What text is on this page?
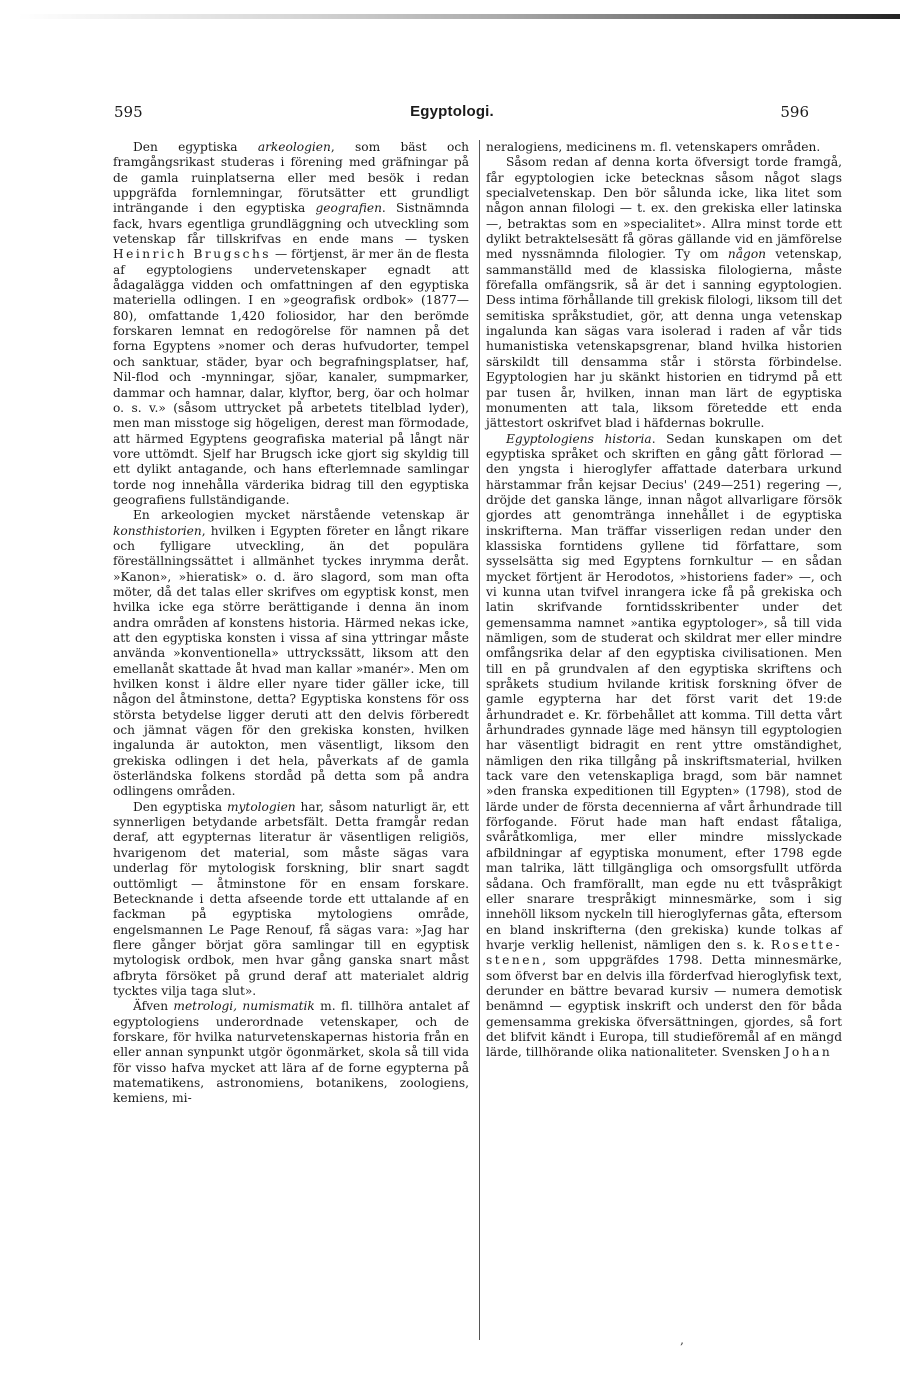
595	Egyptologi.	596

Den egyptiska arkeologien, som bäst och framgångsrikast studeras i förening med gräfningar på de gamla ruinplatserna eller med besök i redan uppgräfda fornlemningar, förutsätter ett grundligt inträngande i den egyptiska geografien. Sistnämnda fack, hvars egentliga grundläggning och utveckling som vetenskap får tillskrifvas en ende mans — tysken Heinrich Brugschs — förtjenst, är mer än de flesta af egyptologiens undervetenskaper egnadt att ådagalägga vidden och omfattningen af den egyptiska materiella odlingen. I en »geografisk ordbok» (1877—80), omfattande 1,420 foliosidor, har den berömde forskaren lemnat en redogörelse för namnen på det forna Egyptens »nomer och deras hufvudorter, tempel och sanktuar, städer, byar och begrafningsplatser, haf, Nil-flod och -mynningar, sjöar, kanaler, sumpmarker, dammar och hamnar, dalar, klyftor, berg, öar och holmar o. s. v.» (såsom uttrycket på arbetets titelblad lyder), men man misstoge sig högeligen, derest man förmodade, att härmed Egyptens geografiska material på långt när vore uttömdt. Sjelf har Brugsch icke gjort sig skyldig till ett dylikt antagande, och hans efterlemnade samlingar torde nog innehålla värderika bidrag till den egyptiska geografiens fullständigande.

En arkeologien mycket närstående vetenskap är konsthistorien, hvilken i Egypten företer en långt rikare och fylligare utveckling, än det populära föreställningssättet i allmänhet tyckes inrymma deråt. »Kanon», »hieratisk» o. d. äro slagord, som man ofta möter, då det talas eller skrifves om egyptisk konst, men hvilka icke ega större berättigande i denna än inom andra områden af konstens historia. Härmed nekas icke, att den egyptiska konsten i vissa af sina yttringar måste använda »konventionella» uttryckssätt, liksom att den emellanåt skattade åt hvad man kallar »manér». Men om hvilken konst i äldre eller nyare tider gäller icke, till någon del åtminstone, detta? Egyptiska konstens för oss största betydelse ligger deruti att den delvis förberedt och jämnat vägen för den grekiska konsten, hvilken ingalunda är autokton, men väsentligt, liksom den grekiska odlingen i det hela, påverkats af de gamla österländska folkens stordåd på detta som på andra odlingens områden.

Den egyptiska mytologien har, såsom naturligt är, ett synnerligen betydande arbetsfält. Detta framgår redan deraf, att egypternas literatur är väsentligen religiös, hvarigenom det material, som måste sägas vara underlag för mytologisk forskning, blir snart sagdt outtömligt — åtminstone för en ensam forskare. Betecknande i detta afseende torde ett uttalande af en fackman på egyptiska mytologiens område, engelsmannen Le Page Renouf, få sägas vara: »Jag har flere gånger börjat göra samlingar till en egyptisk mytologisk ordbok, men hvar gång ganska snart måst afbryta försöket på grund deraf att materialet aldrig tycktes vilja taga slut».

Äfven metrologi, numismatik m. fl. tillhöra antalet af egyptologiens underordnade vetenskaper, och de forskare, för hvilka naturvetenskapernas historia från en eller annan synpunkt utgör ögonmärket, skola så till vida för visso hafva mycket att lära af de forne egypterna på matematikens, astronomiens, botanikens, zoologiens, kemiens, mi-

neralogiens, medicinens m. fl. vetenskapers områden.

Såsom redan af denna korta öfversigt torde framgå, får egyptologien icke betecknas såsom något slags specialvetenskap. Den bör sålunda icke, lika litet som någon annan filologi — t. ex. den grekiska eller latinska —, betraktas som en »specialitet». Allra minst torde ett dylikt betraktelsesätt få göras gällande vid en jämförelse med nyssnämnda filologier. Ty om någon vetenskap, sammanställd med de klassiska filologierna, måste förefalla omfängsrik, så är det i sanning egyptologien. Dess intima förhållande till grekisk filologi, liksom till det semitiska språkstudiet, gör, att denna unga vetenskap ingalunda kan sägas vara isolerad i raden af vår tids humanistiska vetenskapsgrenar, bland hvilka historien särskildt till densamma står i största förbindelse. Egyptologien har ju skänkt historien en tidrymd på ett par tusen år, hvilken, innan man lärt de egyptiska monumenten att tala, liksom företedde ett enda jättestort oskrifvet blad i häfdernas bokrulle.

Egyptologiens historia. Sedan kunskapen om det egyptiska språket och skriften en gång gått förlorad — den yngsta i hieroglyfer affattade daterbara urkund härstammar från kejsar Decius' (249—251) regering —, dröjde det ganska länge, innan något allvarligare försök gjordes att genomtränga innehållet i de egyptiska inskrifterna. Man träffar visserligen redan under den klassiska forntidens gyllene tid författare, som sysselsätta sig med Egyptens fornkultur — en sådan mycket förtjent är Herodotos, »historiens fader» —, och vi kunna utan tvifvel inrangera icke få på grekiska och latin skrifvande forntidsskribenter under det gemensamma namnet »antika egyptologer», så till vida nämligen, som de studerat och skildrat mer eller mindre omfångsrika delar af den egyptiska civilisationen. Men till en på grundvalen af den egyptiska skriftens och språkets studium hvilande kritisk forskning öfver de gamle egypterna har det först varit det 19:de århundradet e. Kr. förbehållet att komma. Till detta vårt århundrades gynnade läge med hänsyn till egyptologien har väsentligt bidragit en rent yttre omständighet, nämligen den rika tillgång på inskriftsmaterial, hvilken tack vare den vetenskapliga bragd, som bär namnet »den franska expeditionen till Egypten» (1798), stod de lärde under de första decennierna af vårt århundrade till förfogande. Förut hade man haft endast fåtaliga, svåråtkomliga, mer eller mindre misslyckade afbildningar af egyptiska monument, efter 1798 egde man talrika, lätt tillgängliga och omsorgsfullt utförda sådana. Och framförallt, man egde nu ett tvåspråkigt eller snarare trespråkigt minnesmärke, som i sig innehöll liksom nyckeln till hieroglyfernas gåta, eftersom en bland inskrifterna (den grekiska) kunde tolkas af hvarje verklig hellenist, nämligen den s. k. Rosette-stenen, som uppgräfdes 1798. Detta minnesmärke, som öfverst bar en delvis illa förderfvad hieroglyfisk text, derunder en bättre bevarad kursiv — numera demotisk benämnd — egyptisk inskrift och underst den för båda gemensamma grekiska öfversättningen, gjordes, så fort det blifvit kändt i Europa, till studieföremål af en mängd lärde, tillhörande olika nationaliteter. Svensken Johan

‚
